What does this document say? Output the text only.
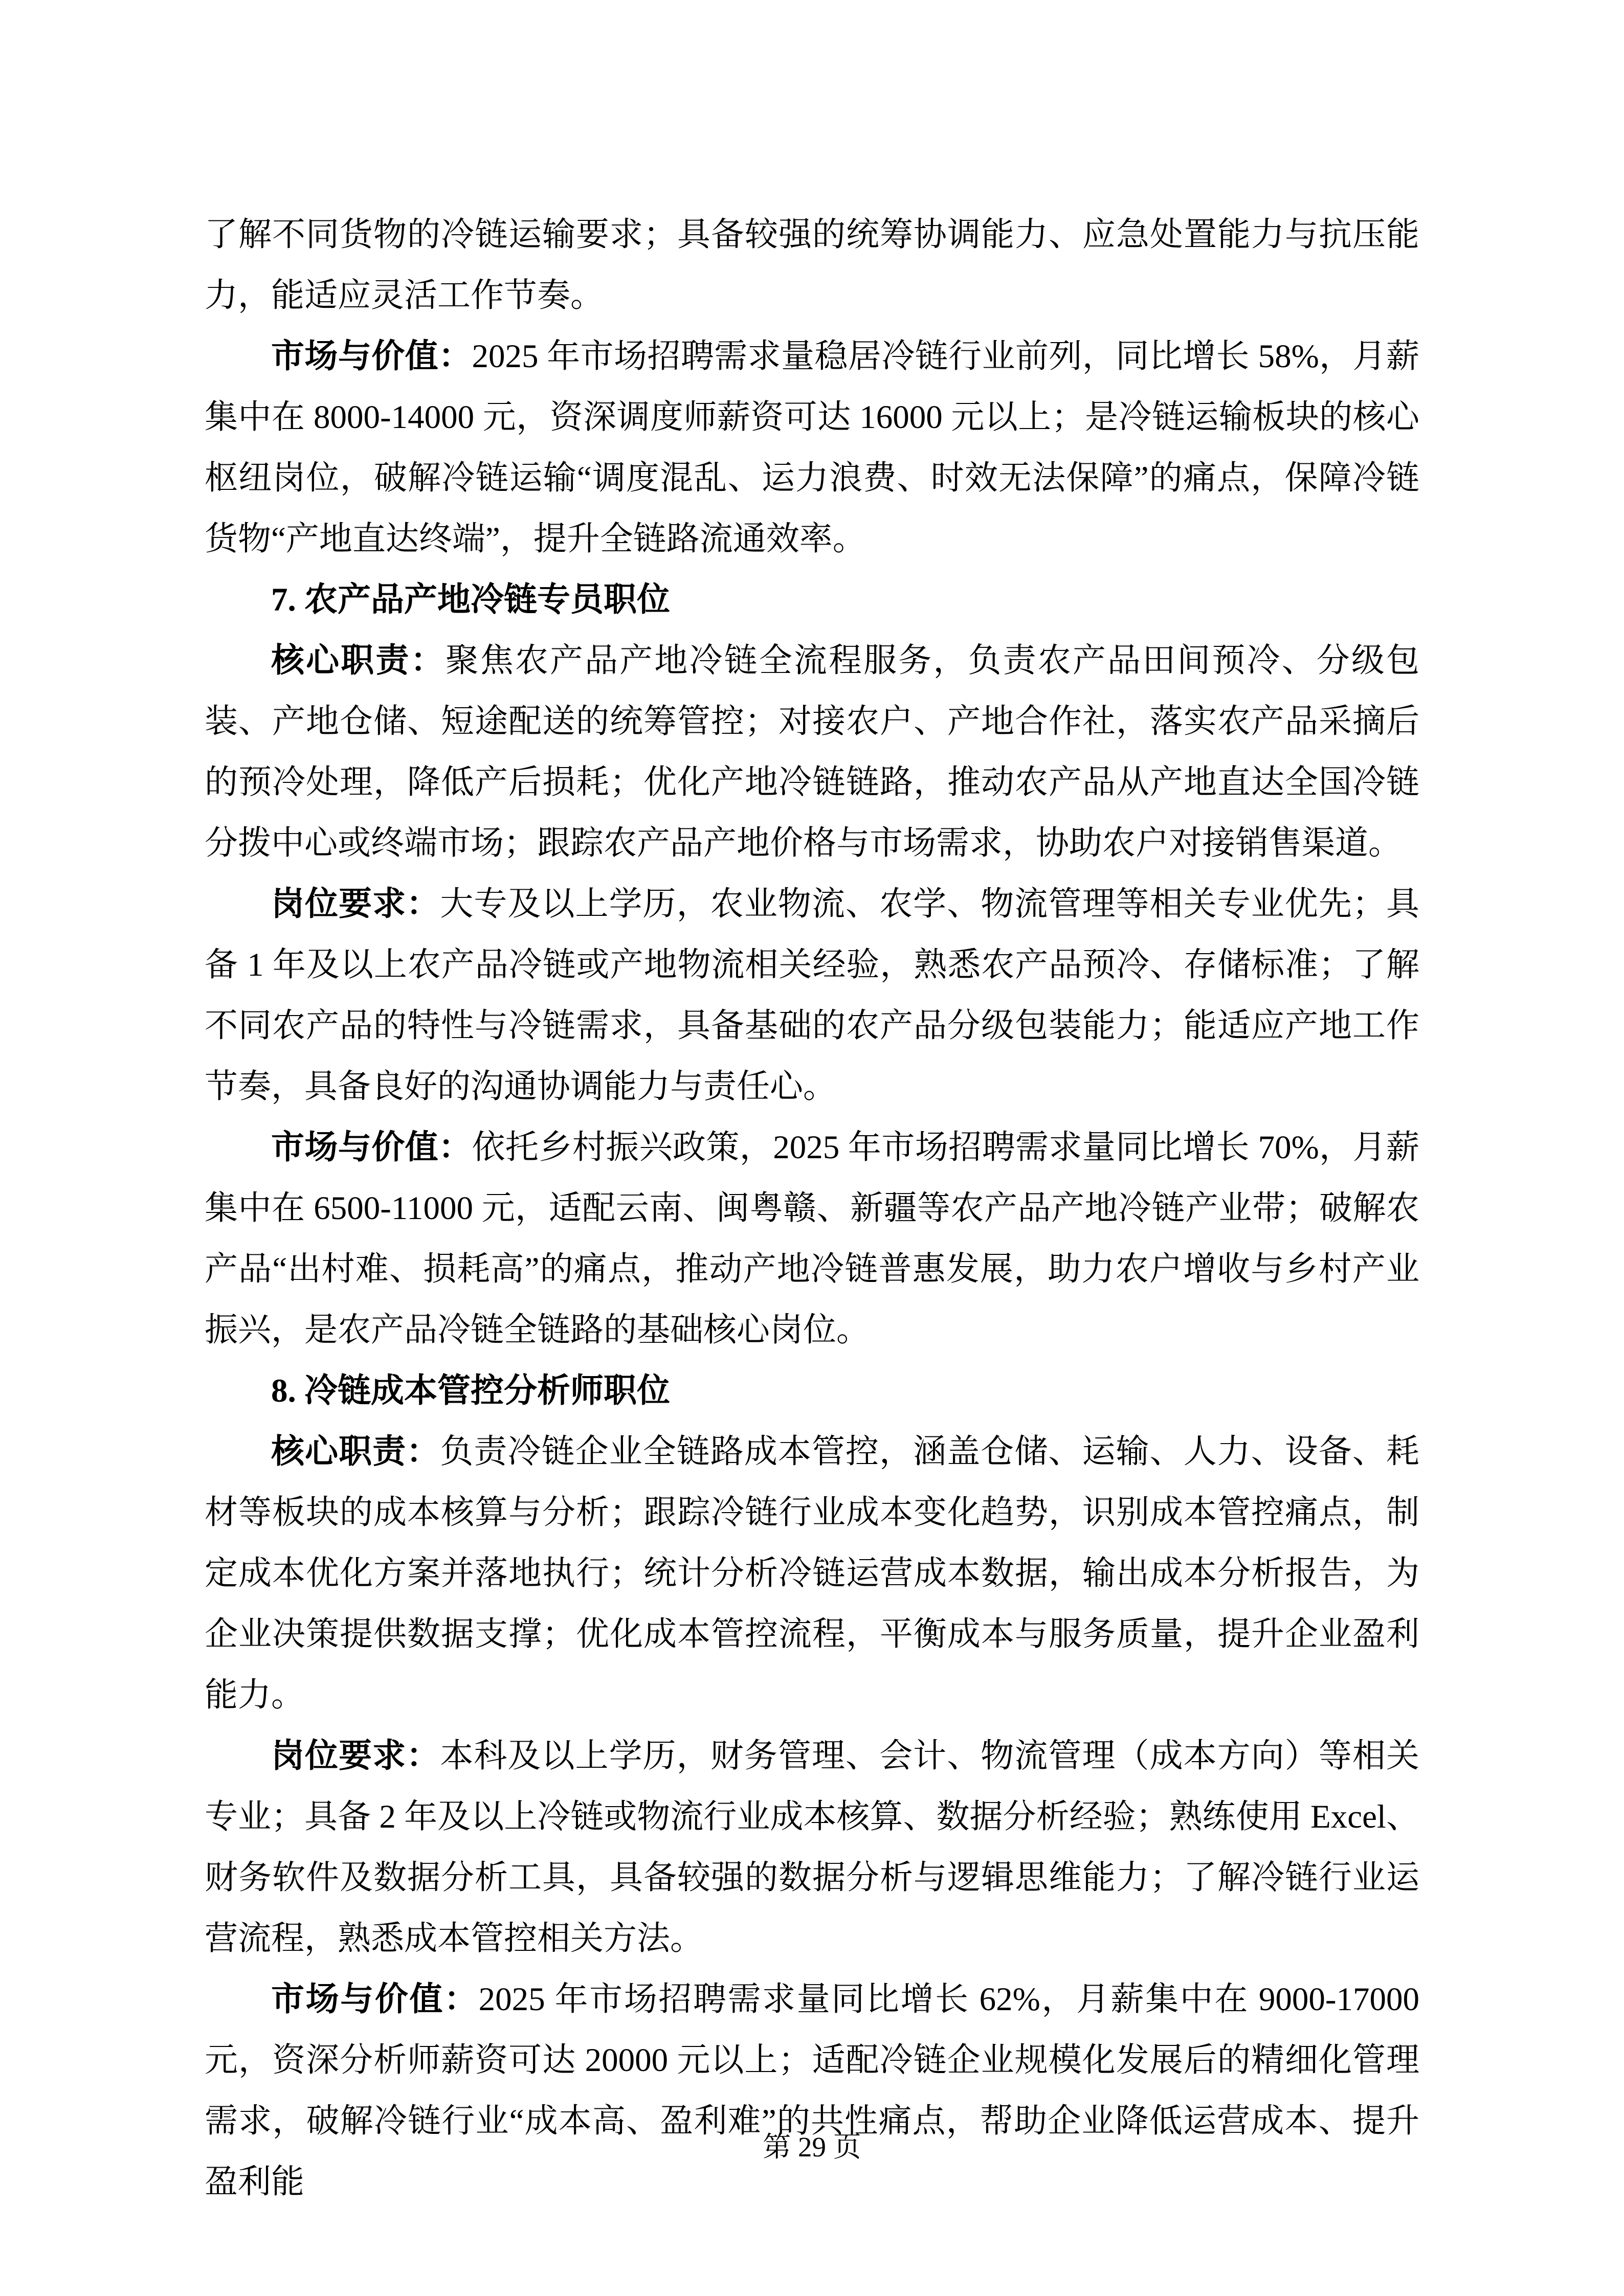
了解不同货物的冷链运输要求；具备较强的统筹协调能力、应急处置能力与抗压能力，能适应灵活工作节奏。

市场与价值：2025 年市场招聘需求量稳居冷链行业前列，同比增长 58%，月薪集中在 8000-14000 元，资深调度师薪资可达 16000 元以上；是冷链运输板块的核心枢纽岗位，破解冷链运输“调度混乱、运力浪费、时效无法保障”的痛点，保障冷链货物“产地直达终端”，提升全链路流通效率。

7. 农产品产地冷链专员职位

核心职责：聚焦农产品产地冷链全流程服务，负责农产品田间预冷、分级包装、产地仓储、短途配送的统筹管控；对接农户、产地合作社，落实农产品采摘后的预冷处理，降低产后损耗；优化产地冷链链路，推动农产品从产地直达全国冷链分拨中心或终端市场；跟踪农产品产地价格与市场需求，协助农户对接销售渠道。

岗位要求：大专及以上学历，农业物流、农学、物流管理等相关专业优先；具备 1 年及以上农产品冷链或产地物流相关经验，熟悉农产品预冷、存储标准；了解不同农产品的特性与冷链需求，具备基础的农产品分级包装能力；能适应产地工作节奏，具备良好的沟通协调能力与责任心。

市场与价值：依托乡村振兴政策，2025 年市场招聘需求量同比增长 70%，月薪集中在 6500-11000 元，适配云南、闽粤赣、新疆等农产品产地冷链产业带；破解农产品“出村难、损耗高”的痛点，推动产地冷链普惠发展，助力农户增收与乡村产业振兴，是农产品冷链全链路的基础核心岗位。

8. 冷链成本管控分析师职位

核心职责：负责冷链企业全链路成本管控，涵盖仓储、运输、人力、设备、耗材等板块的成本核算与分析；跟踪冷链行业成本变化趋势，识别成本管控痛点，制定成本优化方案并落地执行；统计分析冷链运营成本数据，输出成本分析报告，为企业决策提供数据支撑；优化成本管控流程，平衡成本与服务质量，提升企业盈利能力。

岗位要求：本科及以上学历，财务管理、会计、物流管理（成本方向）等相关专业；具备 2 年及以上冷链或物流行业成本核算、数据分析经验；熟练使用 Excel、财务软件及数据分析工具，具备较强的数据分析与逻辑思维能力；了解冷链行业运营流程，熟悉成本管控相关方法。

市场与价值：2025 年市场招聘需求量同比增长 62%，月薪集中在 9000-17000 元，资深分析师薪资可达 20000 元以上；适配冷链企业规模化发展后的精细化管理需求，破解冷链行业“成本高、盈利难”的共性痛点，帮助企业降低运营成本、提升盈利能

第 29 页
